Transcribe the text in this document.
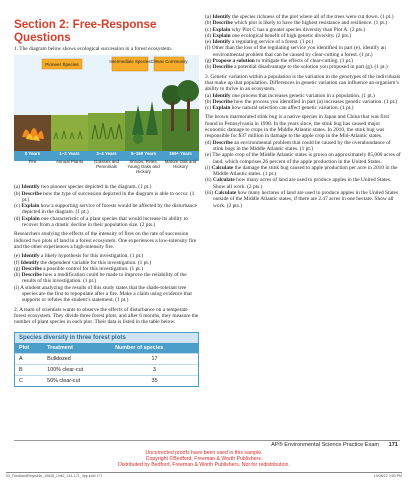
Section 2: Free-Response Questions

1. The diagram below shows ecological succession in a forest ecosystem.

Pioneer Species
Intermediate Species Climax Community
0 Years
Fire
1–2 Years
Annual Plants
3–4 Years
Grasses and Perennials
5–150 Years
Shrubs, Pines, Young Oaks and Hickory
150+ Years
Mature Oak and Hickory

(a) Identify two pioneer species depicted in the diagram. (1 pt.)

(b) Describe how the type of succession depicted in the diagram is able to occur. (1 pt.)

(c) Explain how a supporting service of forests would be affected by the disturbance depicted in the diagram. (1 pt.)

(d) Explain one characteristic of a plant species that would increase its ability to recover from a drastic decline in their population size. (2 pts.)

Researchers studying the effects of the intensity of fires on the rate of succession induced two plots of land in a forest ecosystem. One experiences a low-intensity fire and the other experiences a high-intensity fire.

(e) Identify a likely hypothesis for this investigation. (1 pt.)

(f) Identify the dependent variable for this investigation. (1 pt.)

(g) Describe a possible control for this investigation. (1 pt.)

(h) Describe how a modification could be made to improve the reliability of the results of this investigation. (1 pt.)

(i) A student analyzing the results of this study states that the shade-tolerant tree species are the first to repopulate after a fire. Make a claim using evidence that supports or refutes the student’s statement. (1 pt.)

2. A team of scientists wants to observe the effects of disturbance on a temperate forest ecosystem. They divide three forest plots, and after 6 months, they measure the number of plant species in each plot. Their data is listed in the table below.

Species diversity in three forest plots
Plot	Treatment	Number of species
A	Bulldozed	17
B	100% clear-cut	3
C	50% clear-cut	35

(a) Identify the species richness of the plot where all of the trees were cut down. (1 pt.)

(b) Describe which plot is likely to have the highest resistance and resilience. (1 pt.)

(c) Explain why Plot C has a greater species diversity than Plot A. (2 pts.)

(d) Explain one ecological benefit of high genetic diversity. (2 pts.)

(e) Identify a regulating service of a forest. (1 pt.)

(f) Other than the loss of the regulating service you identified in part (e), identify an environmental problem that can be caused by clear-cutting a forest. (1 pt.)

(g) Propose a solution to mitigate the effects of clear-cutting. (1 pt.)

(h) Describe a potential disadvantage to the solution you proposed in part (g). (1 pt.)

3. Genetic variation within a population is the variation in the genotypes of the individuals that make up that population. Differences in genetic variation can influence an organism’s ability to thrive in an ecosystem.

(a) Identify one process that increases genetic variation in a population. (1 pt.)

(b) Describe how the process you identified in part (a) increases genetic variation. (1 pt.)

(c) Explain how natural selection can affect genetic variation. (1 pt.)

The brown marmorated stink bug is a native species in Japan and China that was first found in Pennsylvania in 1998. In the years since, the stink bug has caused major economic damage to crops in the Middle Atlantic states. In 2010, the stink bug was responsible for $37 million in damage to the apple crop in the Mid-Atlantic states.

(d) Describe an environmental problem that could be caused by the overabundance of stink bugs in the Middle Atlantic states. (1 pt.)

(e) The apple crop of the Middle Atlantic states is grown on approximately 85,000 acres of land, which comprises 26 percent of the apple production in the United States.

(i) Calculate the damage the stink bug caused to apple production per acre in 2010 in the Middle Atlantic states. (1 pt.)

(ii) Calculate how many acres of land are used to produce apples in the United States. Show all work. (2 pts.)

(iii) Calculate how many hectares of land are used to produce apples in the United States outside of the Middle Atlantic states, if there are 2.47 acres in one hectare. Show all work. (2 pts.)

AP® Environmental Science Practice Exam 171
Uncorrected proofs have been used in this sample.
Copyright ©Bedford, Freeman & Worth Publishers.
Distributed by Bedford, Freeman & Worth Publishers. Not for redistribution.
03_FriedlandRelyea4e_19638_Unit2_144-171_4pp.indd 171	19/08/22 3:50 PM
